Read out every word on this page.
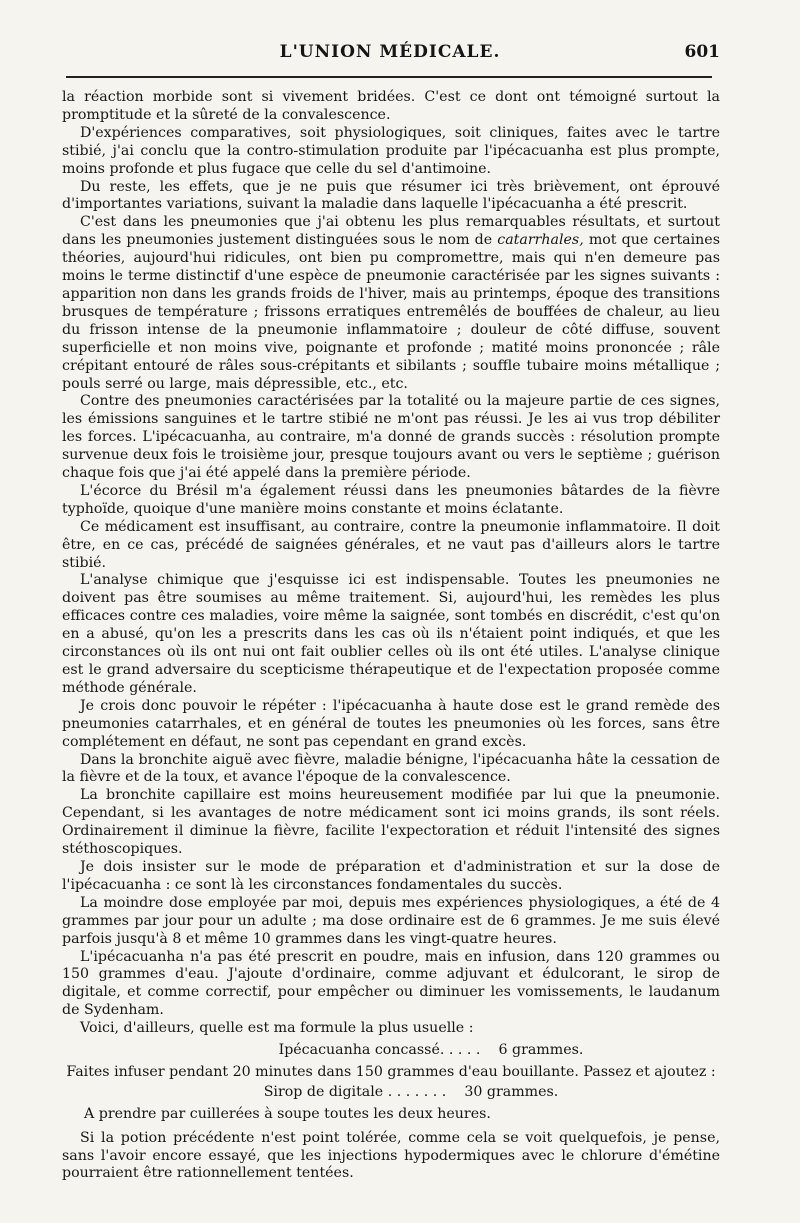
L'UNION MÉDICALE.	601

la réaction morbide sont si vivement bridées. C'est ce dont ont témoigné surtout la promptitude et la sûreté de la convalescence.

D'expériences comparatives, soit physiologiques, soit cliniques, faites avec le tartre stibié, j'ai conclu que la contro-stimulation produite par l'ipécacuanha est plus prompte, moins profonde et plus fugace que celle du sel d'antimoine.

Du reste, les effets, que je ne puis que résumer ici très brièvement, ont éprouvé d'importantes variations, suivant la maladie dans laquelle l'ipécacuanha a été prescrit.

C'est dans les pneumonies que j'ai obtenu les plus remarquables résultats, et surtout dans les pneumonies justement distinguées sous le nom de catarrhales, mot que certaines théories, aujourd'hui ridicules, ont bien pu compromettre, mais qui n'en demeure pas moins le terme distinctif d'une espèce de pneumonie caractérisée par les signes suivants : apparition non dans les grands froids de l'hiver, mais au printemps, époque des transitions brusques de température ; frissons erratiques entremêlés de bouffées de chaleur, au lieu du frisson intense de la pneumonie inflammatoire ; douleur de côté diffuse, souvent superficielle et non moins vive, poignante et profonde ; matité moins prononcée ; râle crépitant entouré de râles sous-crépitants et sibilants ; souffle tubaire moins métallique ; pouls serré ou large, mais dépressible, etc., etc.

Contre des pneumonies caractérisées par la totalité ou la majeure partie de ces signes, les émissions sanguines et le tartre stibié ne m'ont pas réussi. Je les ai vus trop débiliter les forces. L'ipécacuanha, au contraire, m'a donné de grands succès : résolution prompte survenue deux fois le troisième jour, presque toujours avant ou vers le septième ; guérison chaque fois que j'ai été appelé dans la première période.

L'écorce du Brésil m'a également réussi dans les pneumonies bâtardes de la fièvre typhoïde, quoique d'une manière moins constante et moins éclatante.

Ce médicament est insuffisant, au contraire, contre la pneumonie inflammatoire. Il doit être, en ce cas, précédé de saignées générales, et ne vaut pas d'ailleurs alors le tartre stibié.

L'analyse chimique que j'esquisse ici est indispensable. Toutes les pneumonies ne doivent pas être soumises au même traitement. Si, aujourd'hui, les remèdes les plus efficaces contre ces maladies, voire même la saignée, sont tombés en discrédit, c'est qu'on en a abusé, qu'on les a prescrits dans les cas où ils n'étaient point indiqués, et que les circonstances où ils ont nui ont fait oublier celles où ils ont été utiles. L'analyse clinique est le grand adversaire du scepticisme thérapeutique et de l'expectation proposée comme méthode générale.

Je crois donc pouvoir le répéter : l'ipécacuanha à haute dose est le grand remède des pneumonies catarrhales, et en général de toutes les pneumonies où les forces, sans être complétement en défaut, ne sont pas cependant en grand excès.

Dans la bronchite aiguë avec fièvre, maladie bénigne, l'ipécacuanha hâte la cessation de la fièvre et de la toux, et avance l'époque de la convalescence.

La bronchite capillaire est moins heureusement modifiée par lui que la pneumonie. Cependant, si les avantages de notre médicament sont ici moins grands, ils sont réels. Ordinairement il diminue la fièvre, facilite l'expectoration et réduit l'intensité des signes stéthoscopiques.

Je dois insister sur le mode de préparation et d'administration et sur la dose de l'ipécacuanha : ce sont là les circonstances fondamentales du succès.

La moindre dose employée par moi, depuis mes expériences physiologiques, a été de 4 grammes par jour pour un adulte ; ma dose ordinaire est de 6 grammes. Je me suis élevé parfois jusqu'à 8 et même 10 grammes dans les vingt-quatre heures.

L'ipécacuanha n'a pas été prescrit en poudre, mais en infusion, dans 120 grammes ou 150 grammes d'eau. J'ajoute d'ordinaire, comme adjuvant et édulcorant, le sirop de digitale, et comme correctif, pour empêcher ou diminuer les vomissements, le laudanum de Sydenham.

Voici, d'ailleurs, quelle est ma formule la plus usuelle :

Ipécacuanha concassé. . . . . 6 grammes.

Faites infuser pendant 20 minutes dans 150 grammes d'eau bouillante. Passez et ajoutez :

Sirop de digitale . . . . . . . 30 grammes.

A prendre par cuillerées à soupe toutes les deux heures.

Si la potion précédente n'est point tolérée, comme cela se voit quelquefois, je pense, sans l'avoir encore essayé, que les injections hypodermiques avec le chlorure d'émétine pourraient être rationnellement tentées.
